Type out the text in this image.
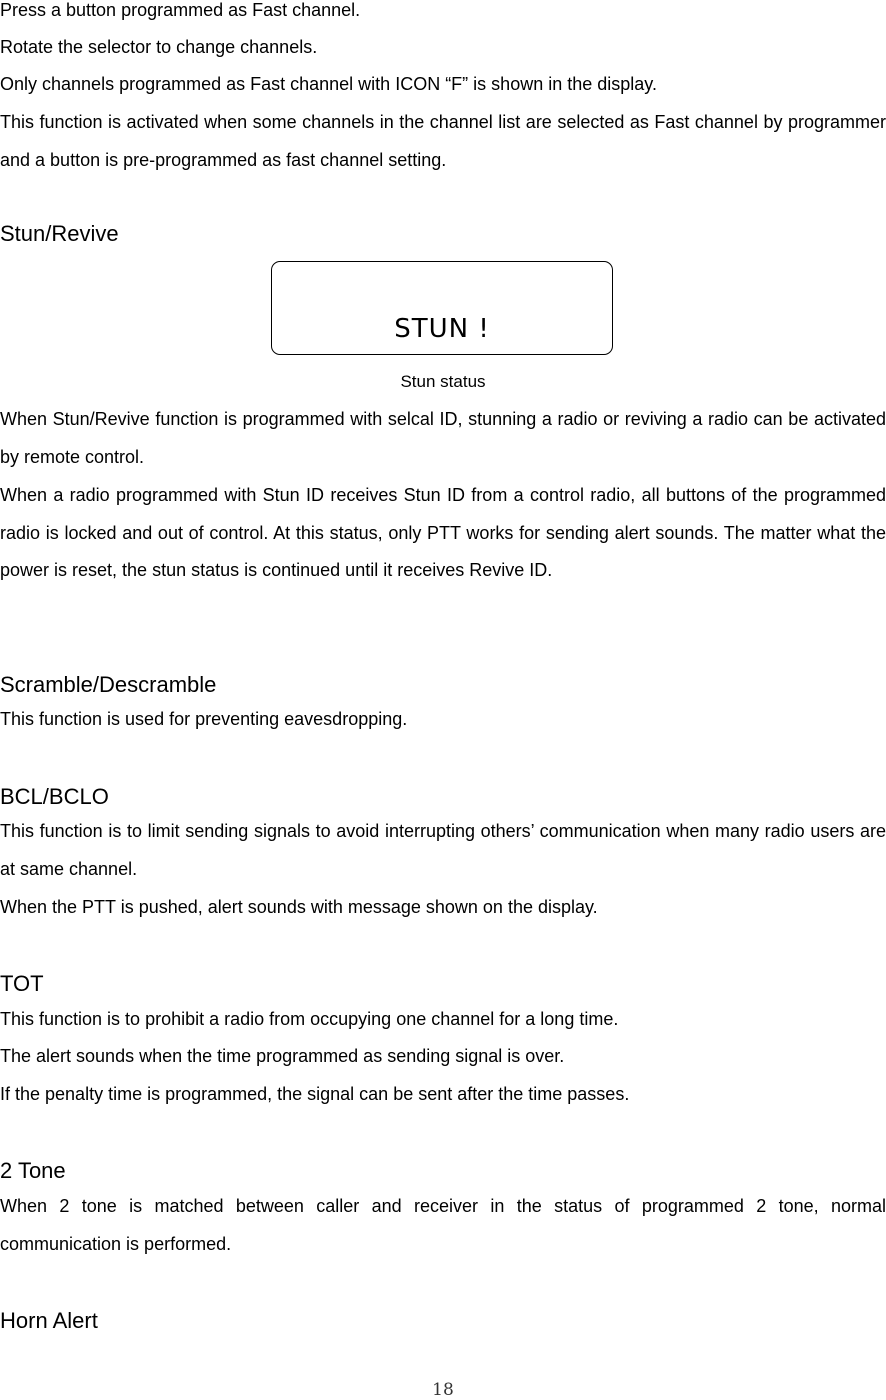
Press a button programmed as Fast channel.

Rotate the selector to change channels.

Only channels programmed as Fast channel with ICON “F” is shown in the display.

This function is activated when some channels in the channel list are selected as Fast channel by programmer and a button is pre-programmed as fast channel setting.

Stun/Revive
STUN !
Stun status

When Stun/Revive function is programmed with selcal ID, stunning a radio or reviving a radio can be activated by remote control.

When a radio programmed with Stun ID receives Stun ID from a control radio, all buttons of the programmed radio is locked and out of control. At this status, only PTT works for sending alert sounds. The matter what the power is reset, the stun status is continued until it receives Revive ID.

Scramble/Descramble

This function is used for preventing eavesdropping.

BCL/BCLO

This function is to limit sending signals to avoid interrupting others’ communication when many radio users are at same channel.

When the PTT is pushed, alert sounds with message shown on the display.

TOT

This function is to prohibit a radio from occupying one channel for a long time.

The alert sounds when the time programmed as sending signal is over.

If the penalty time is programmed, the signal can be sent after the time passes.

2 Tone

When 2 tone is matched between caller and receiver in the status of programmed 2 tone, normal communication is performed.

Horn Alert
18
